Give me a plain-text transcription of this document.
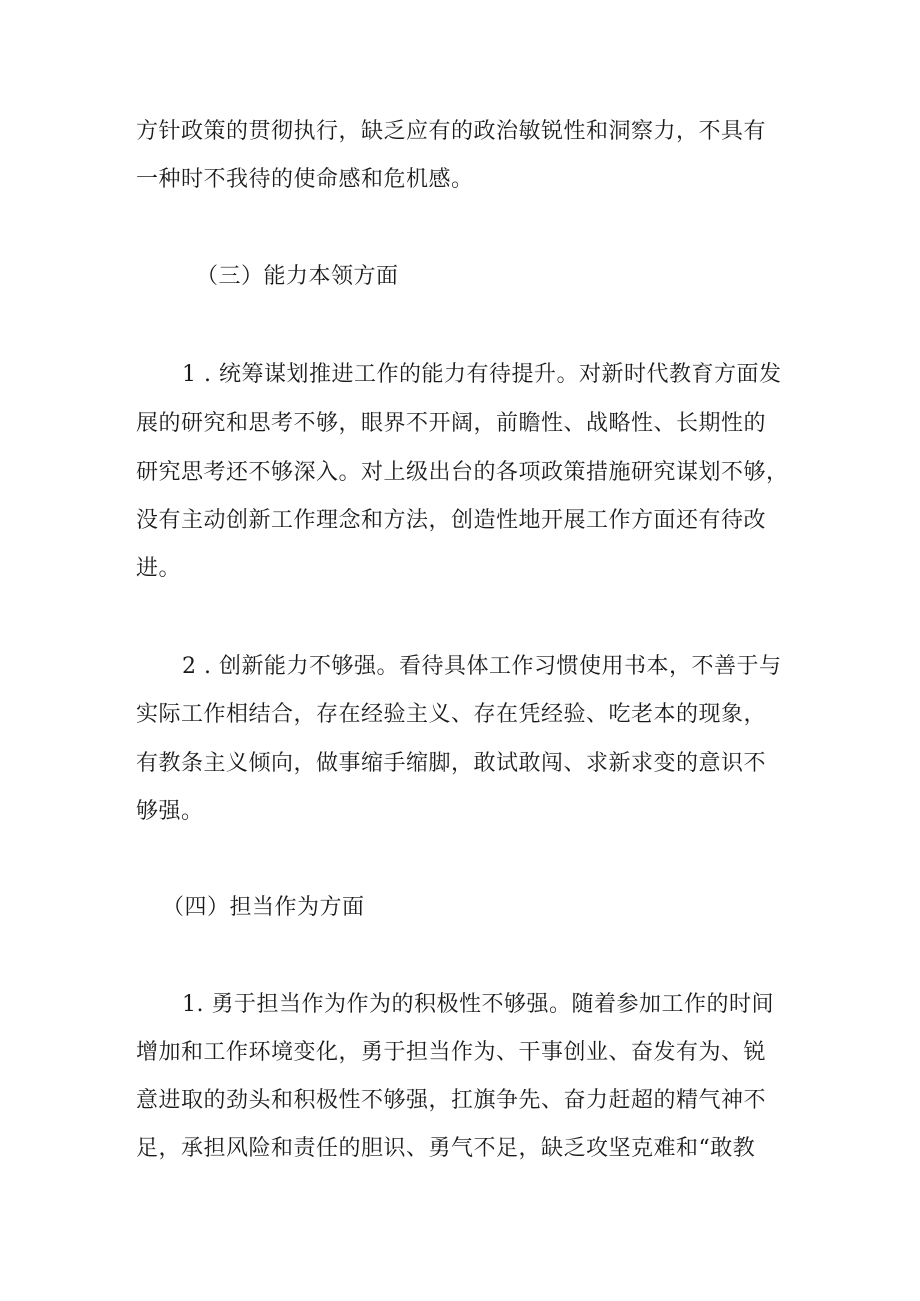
方针政策的贯彻执行，缺乏应有的政治敏锐性和洞察力，不具有
一种时不我待的使命感和危机感。
（三）能力本领方面
1 . 统筹谋划推进工作的能力有待提升。对新时代教育方面发
展的研究和思考不够，眼界不开阔，前瞻性、战略性、长期性的
研究思考还不够深入。对上级出台的各项政策措施研究谋划不够，
没有主动创新工作理念和方法，创造性地开展工作方面还有待改
进。
2 . 创新能力不够强。看待具体工作习惯使用书本，不善于与
实际工作相结合，存在经验主义、存在凭经验、吃老本的现象，
有教条主义倾向，做事缩手缩脚，敢试敢闯、求新求变的意识不
够强。
（四）担当作为方面
1. 勇于担当作为作为的积极性不够强。随着参加工作的时间
增加和工作环境变化，勇于担当作为、干事创业、奋发有为、锐
意进取的劲头和积极性不够强，扛旗争先、奋力赶超的精气神不
足，承担风险和责任的胆识、勇气不足，缺乏攻坚克难和“敢教
